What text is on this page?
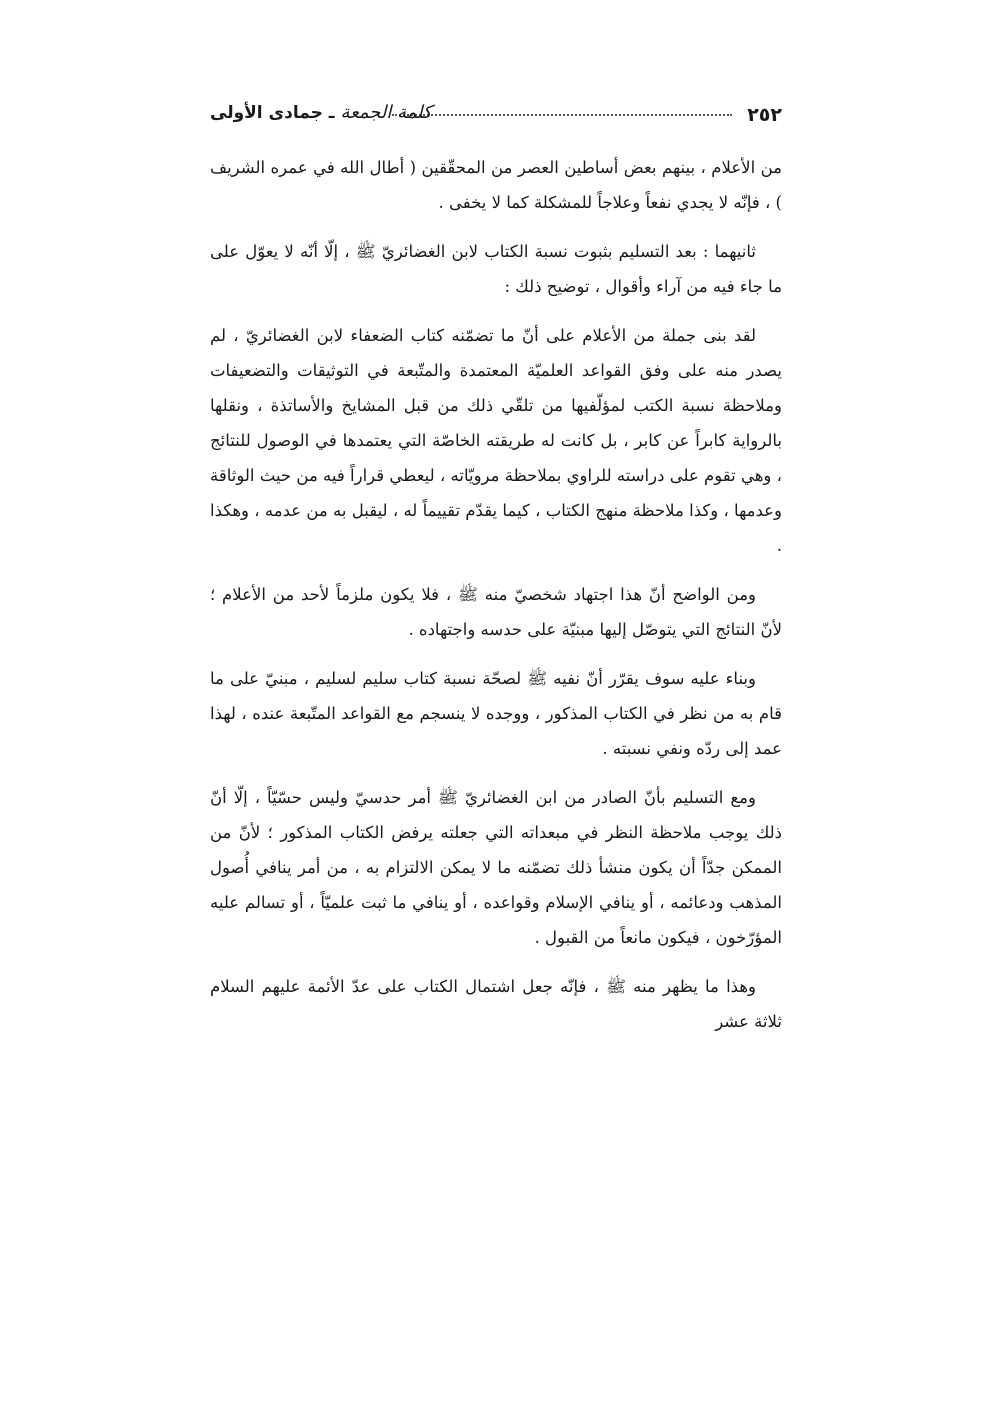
٢٥٢
كلمة الجمعة ـ جمادى الأولى

من الأعلام ، بينهم بعض أساطين العصر من المحقّقين ( أطال الله في عمره الشريف ) ، فإنّه لا يجدي نفعاً وعلاجاً للمشكلة كما لا يخفى .

ثانيهما : بعد التسليم بثبوت نسبة الكتاب لابن الغضائريّ ﷺ ، إلّا أنّه لا يعوّل على ما جاء فيه من آراء وأقوال ، توضيح ذلك :

لقد بنى جملة من الأعلام على أنّ ما تضمّنه كتاب الضعفاء لابن الغضائريّ ، لم يصدر منه على وفق القواعد العلميّة المعتمدة والمتّبعة في التوثيقات والتضعيفات وملاحظة نسبة الكتب لمؤلّفيها من تلقّي ذلك من قبل المشايخ والأساتذة ، ونقلها بالرواية كابراً عن كابر ، بل كانت له طريقته الخاصّة التي يعتمدها في الوصول للنتائج ، وهي تقوم على دراسته للراوي بملاحظة مرويّاته ، ليعطي قراراً فيه من حيث الوثاقة وعدمها ، وكذا ملاحظة منهج الكتاب ، كيما يقدّم تقييماً له ، ليقبل به من عدمه ، وهكذا .

ومن الواضح أنّ هذا اجتهاد شخصيّ منه ﷺ ، فلا يكون ملزماً لأحد من الأعلام ؛ لأنّ النتائج التي يتوصّل إليها مبنيّة على حدسه واجتهاده .

وبناء عليه سوف يقرّر أنّ نفيه ﷺ لصحّة نسبة كتاب سليم لسليم ، مبنيّ على ما قام به من نظر في الكتاب المذكور ، ووجده لا ينسجم مع القواعد المتّبعة عنده ، لهذا عمد إلى ردّه ونفي نسبته .

ومع التسليم بأنّ الصادر من ابن الغضائريّ ﷺ أمر حدسيّ وليس حسّيّاً ، إلّا أنّ ذلك يوجب ملاحظة النظر في مبعداته التي جعلته يرفض الكتاب المذكور ؛ لأنّ من الممكن جدّاً أن يكون منشأ ذلك تضمّنه ما لا يمكن الالتزام به ، من أمر ينافي أُصول المذهب ودعائمه ، أو ينافي الإسلام وقواعده ، أو ينافي ما ثبت علميّاً ، أو تسالم عليه المؤرّخون ، فيكون مانعاً من القبول .

وهذا ما يظهر منه ﷺ ، فإنّه جعل اشتمال الكتاب على عدّ الأئمة عليهم السلام ثلاثة عشر
